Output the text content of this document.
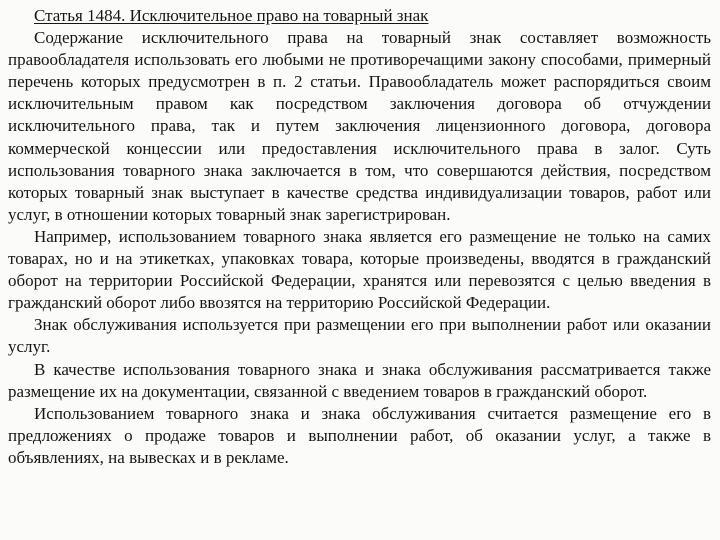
Статья 1484. Исключительное право на товарный знак

Содержание исключительного права на товарный знак составляет возможность правообладателя использовать его любыми не противоречащими закону способами, примерный перечень которых предусмотрен в п. 2 статьи. Правообладатель может распорядиться своим исключительным правом как посредством заключения договора об отчуждении исключительного права, так и путем заключения лицензионного договора, договора коммерческой концессии или предоставления исключительного права в залог. Суть использования товарного знака заключается в том, что совершаются действия, посредством которых товарный знак выступает в качестве средства индивидуализации товаров, работ или услуг, в отношении которых товарный знак зарегистрирован.

Например, использованием товарного знака является его размещение не только на самих товарах, но и на этикетках, упаковках товара, которые произведены, вводятся в гражданский оборот на территории Российской Федерации, хранятся или перевозятся с целью введения в гражданский оборот либо ввозятся на территорию Российской Федерации.

Знак обслуживания используется при размещении его при выполнении работ или оказании услуг.

В качестве использования товарного знака и знака обслуживания рассматривается также размещение их на документации, связанной с введением товаров в гражданский оборот.

Использованием товарного знака и знака обслуживания считается размещение его в предложениях о продаже товаров и выполнении работ, об оказании услуг, а также в объявлениях, на вывесках и в рекламе.
